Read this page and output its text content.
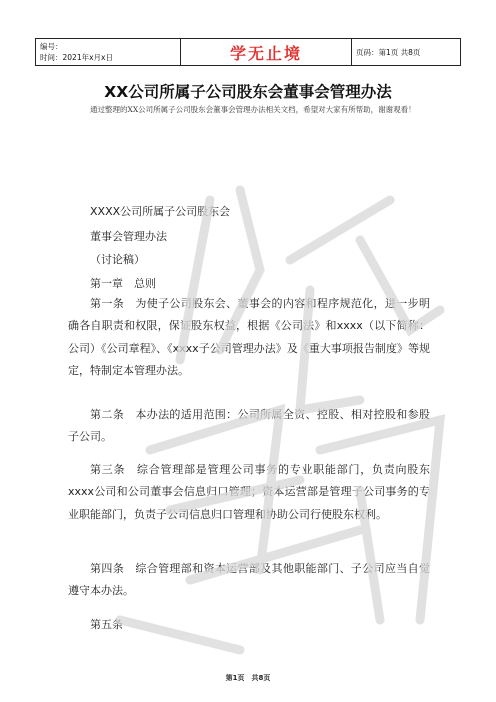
编号：
时间：2021年x月x日	学无止境	页码：第1页 共8页
XX公司所属子公司股东会董事会管理办法
通过整理的XX公司所属子公司股东会董事会管理办法相关文档，希望对大家有所帮助，谢谢观看！
XXXX公司所属子公司股东会
董事会管理办法
（讨论稿）
第一章　总则
第一条　为使子公司股东会、董事会的内容和程序规范化，进一步明确各自职责和权限，保证股东权益，根据《公司法》和xxxx（以下简称：公司）《公司章程》、《xxxx子公司管理办法》及《重大事项报告制度》等规定，特制定本管理办法。
第二条　本办法的适用范围：公司所属全资、控股、相对控股和参股子公司。
第三条　综合管理部是管理公司事务的专业职能部门，负责向股东xxxx公司和公司董事会信息归口管理；资本运营部是管理子公司事务的专业职能部门，负责子公司信息归口管理和协助公司行使股东权利。
第四条　综合管理部和资本运营部及其他职能部门、子公司应当自觉遵守本办法。
第五条
第1页　共8页
